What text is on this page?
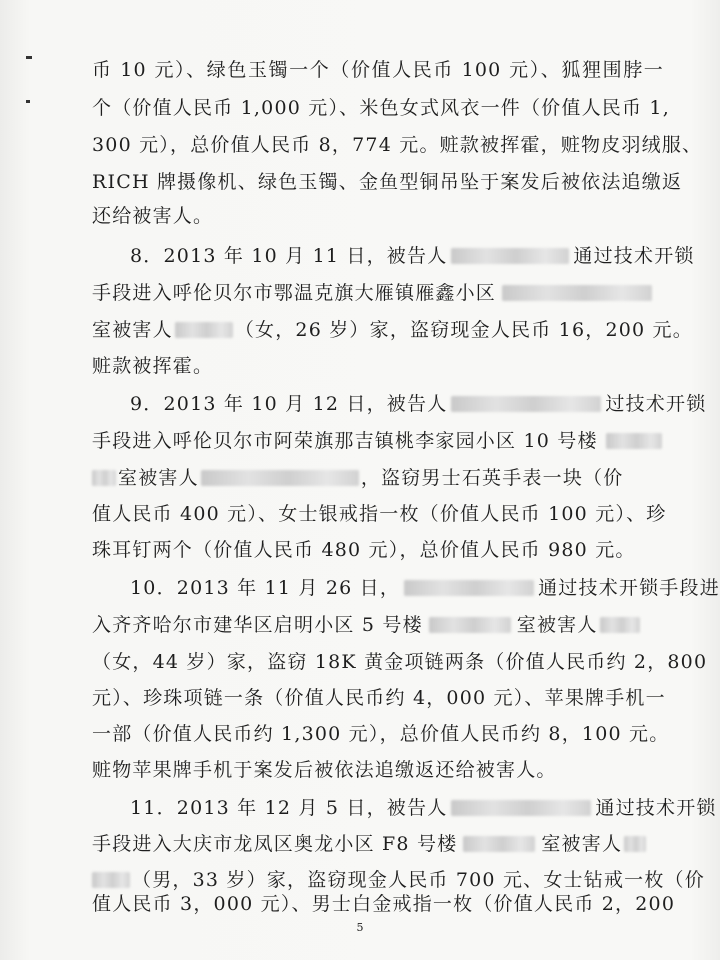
币 10 元）、绿色玉镯一个（价值人民币 100 元）、狐狸围脖一
个（价值人民币 1,000 元）、米色女式风衣一件（价值人民币 1,
300 元），总价值人民币 8，774 元。赃款被挥霍，赃物皮羽绒服、
RICH 牌摄像机、绿色玉镯、金鱼型铜吊坠于案发后被依法追缴返
还给被害人。
8．2013 年 10 月 11 日，被告人	通过技术开锁
手段进入呼伦贝尔市鄂温克旗大雁镇雁鑫小区
室被害人	（女，26 岁）家，盗窃现金人民币 16，200 元。
赃款被挥霍。
9．2013 年 10 月 12 日，被告人	过技术开锁
手段进入呼伦贝尔市阿荣旗那吉镇桃李家园小区 10 号楼
室被害人	，盗窃男士石英手表一块（价
值人民币 400 元）、女士银戒指一枚（价值人民币 100 元）、珍
珠耳钉两个（价值人民币 480 元），总价值人民币 980 元。
10．2013 年 11 月 26 日，	通过技术开锁手段进
入齐齐哈尔市建华区启明小区 5 号楼	室被害人
（女，44 岁）家，盗窃 18K 黄金项链两条（价值人民币约 2，800
元）、珍珠项链一条（价值人民币约 4，000 元）、苹果牌手机一
一部（价值人民币约 1,300 元），总价值人民币约 8，100 元。
赃物苹果牌手机于案发后被依法追缴返还给被害人。
11．2013 年 12 月 5 日，被告人	通过技术开锁
手段进入大庆市龙凤区奥龙小区 F8 号楼	室被害人
（男，33 岁）家，盗窃现金人民币 700 元、女士钻戒一枚（价
值人民币 3，000 元）、男士白金戒指一枚（价值人民币 2，200
5
